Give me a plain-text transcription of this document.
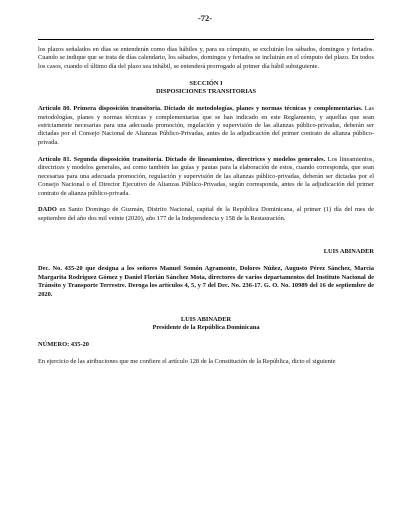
-72-

los plazos señalados en días se entenderán como días hábiles y, para su cómputo, se excluirán los sábados, domingos y feriados. Cuando se indique que se trata de días calendario, los sábados, domingos y feriados se incluirán en el cómputo del plazo. En todos los casos, cuando el último día del plazo sea inhábil, se entenderá prorrogado al primer día hábil subsiguiente.

SECCIÓN I

DISPOSICIONES TRANSITORIAS

Artículo 80. Primera disposición transitoria. Dictado de metodologías, planes y normas técnicas y complementarias. Las metodologías, planes y normas técnicas y complementarias que se han indicado en este Reglamento, y aquellas que sean estrictamente necesarias para una adecuada promoción, regulación y supervisión de las alianzas público-privadas, deberán ser dictadas por el Consejo Nacional de Alianzas Público-Privadas, antes de la adjudicación del primer contrato de alianza público-privada.

Artículo 81. Segunda disposición transitoria. Dictado de lineamientos, directrices y modelos generales. Los lineamientos, directrices y modelos generales, así como también las guías y pautas para la elaboración de estos, cuando corresponda, que sean necesarias para una adecuada promoción, regulación y supervisión de las alianzas público-privadas, deberán ser dictadas por el Consejo Nacional o el Director Ejecutivo de Alianzas Público-Privadas, según corresponda, antes de la adjudicación del primer contrato de alianza público-privada.

DADO en Santo Domingo de Guzmán, Distrito Nacional, capital de la República Dominicana, al primer (1) día del mes de septiembre del año dos mil veinte (2020), año 177 de la Independencia y 158 de la Restauración.

LUIS ABINADER

Dec. No. 435-20 que designa a los señores Manuel Somón Agramonte, Dolores Núñez, Augusto Pérez Sánchez, Marcia Margarita Rodríguez Gómez y Daniel Florián Sánchez Mota, directores de varios departamentos del Instituto Nacional de Tránsito y Transporte Terrestre. Deroga los artículos 4, 5, y 7 del Dec. No. 236-17. G. O. No. 10989 del 16 de septiembre de 2020.

LUIS ABINADER

Presidente de la República Dominicana

NÚMERO: 435-20

En ejercicio de las atribuciones que me confiere el artículo 128 de la Constitución de la República, dicto el siguiente
